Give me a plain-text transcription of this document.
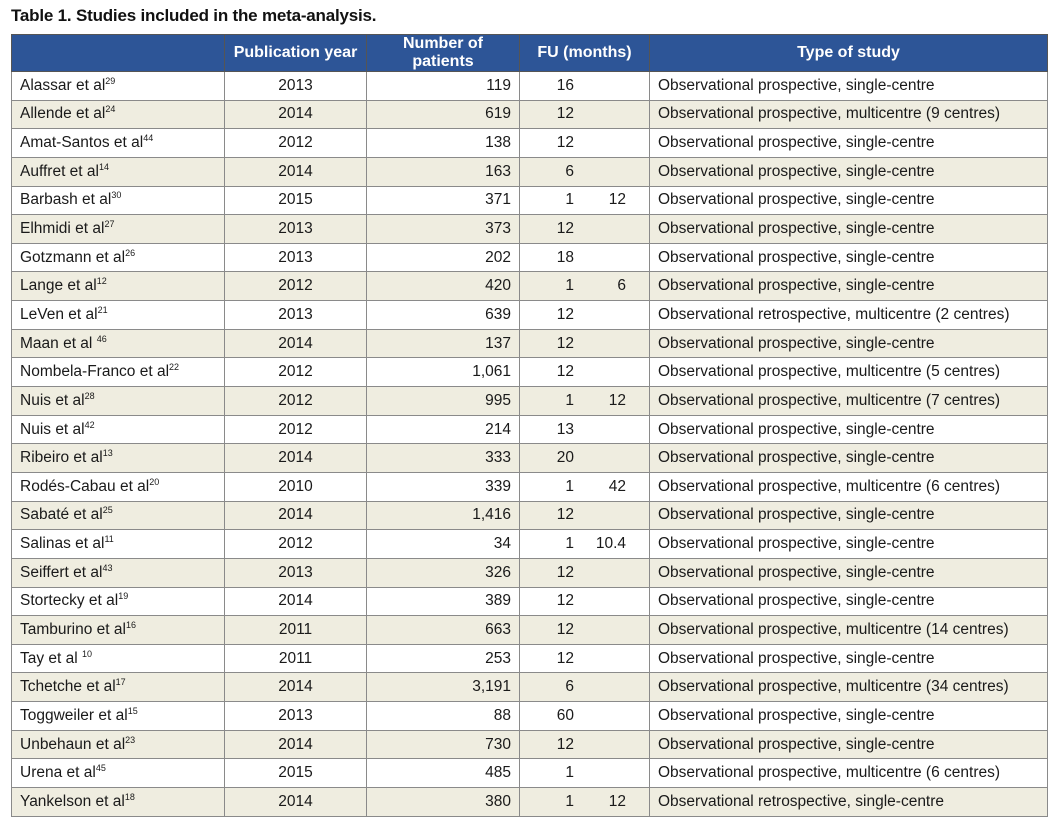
Table 1. Studies included in the meta-analysis.
	Publication year	Number of patients	FU (months)	Type of study
Alassar et $al^{29}$	2013	119	16	Observational prospective, single-centre
Allende et $al^{24}$	2014	619	12	Observational prospective, multicentre (9 centres)
Amat-Santos et $al^{44}$	2012	138	12	Observational prospective, single-centre
Auffret et $al^{14}$	2014	163	6	Observational prospective, single-centre
Barbash et $al^{30}$	2015	371	1 12	Observational prospective, single-centre
Elhmidi et $al^{27}$	2013	373	12	Observational prospective, single-centre
Gotzmann et $al^{26}$	2013	202	18	Observational prospective, single-centre
Lange et $al^{12}$	2012	420	1 6	Observational prospective, single-centre
LeVen et $al^{21}$	2013	639	12	Observational retrospective, multicentre (2 centres)
Maan et al $^{46}$	2014	137	12	Observational prospective, single-centre
Nombela-Franco et $al^{22}$	2012	1,061	12	Observational prospective, multicentre (5 centres)
Nuis et $al^{28}$	2012	995	1 12	Observational prospective, multicentre (7 centres)
Nuis et $al^{42}$	2012	214	13	Observational prospective, single-centre
Ribeiro et $al^{13}$	2014	333	20	Observational prospective, single-centre
Rodés-Cabau et $al^{20}$	2010	339	1 42	Observational prospective, multicentre (6 centres)
Sabaté et $al^{25}$	2014	1,416	12	Observational prospective, single-centre
Salinas et $al^{11}$	2012	34	1 10.4	Observational prospective, single-centre
Seiffert et $al^{43}$	2013	326	12	Observational prospective, single-centre
Stortecky et $al^{19}$	2014	389	12	Observational prospective, single-centre
Tamburino et $al^{16}$	2011	663	12	Observational prospective, multicentre (14 centres)
Tay et al $^{10}$	2011	253	12	Observational prospective, single-centre
Tchetche et $al^{17}$	2014	3,191	6	Observational prospective, multicentre (34 centres)
Toggweiler et $al^{15}$	2013	88	60	Observational prospective, single-centre
Unbehaun et $al^{23}$	2014	730	12	Observational prospective, single-centre
Urena et $al^{45}$	2015	485	1	Observational prospective, multicentre (6 centres)
Yankelson et $al^{18}$	2014	380	1 12	Observational retrospective, single-centre
